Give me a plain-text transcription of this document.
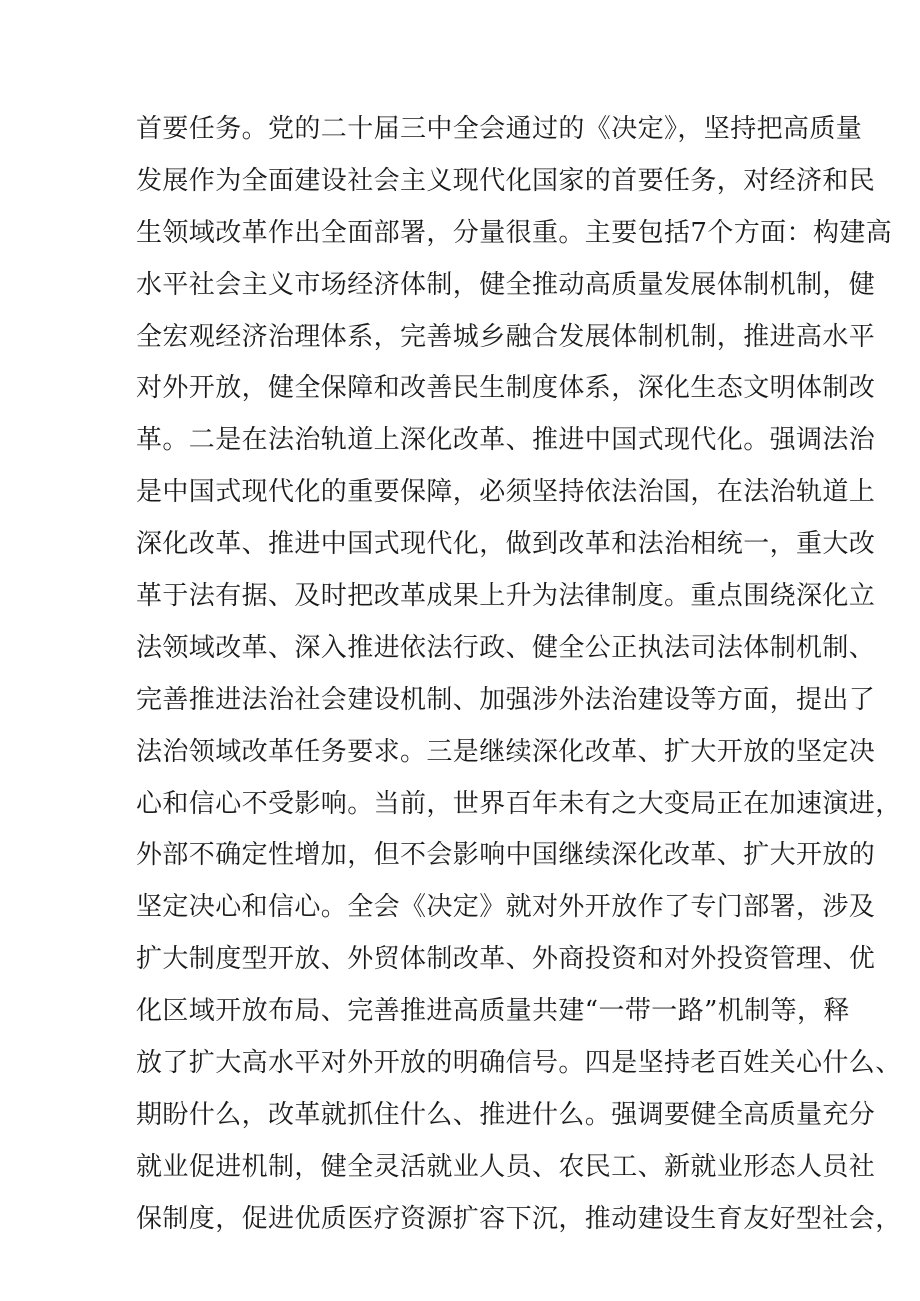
首要任务。党的二十届三中全会通过的《决定》，坚持把高质量
发展作为全面建设社会主义现代化国家的首要任务，对经济和民
生领域改革作出全面部署，分量很重。主要包括7个方面：构建高
水平社会主义市场经济体制，健全推动高质量发展体制机制，健
全宏观经济治理体系，完善城乡融合发展体制机制，推进高水平
对外开放，健全保障和改善民生制度体系，深化生态文明体制改
革。二是在法治轨道上深化改革、推进中国式现代化。强调法治
是中国式现代化的重要保障，必须坚持依法治国，在法治轨道上
深化改革、推进中国式现代化，做到改革和法治相统一，重大改
革于法有据、及时把改革成果上升为法律制度。重点围绕深化立
法领域改革、深入推进依法行政、健全公正执法司法体制机制、
完善推进法治社会建设机制、加强涉外法治建设等方面，提出了
法治领域改革任务要求。三是继续深化改革、扩大开放的坚定决
心和信心不受影响。当前，世界百年未有之大变局正在加速演进，
外部不确定性增加，但不会影响中国继续深化改革、扩大开放的
坚定决心和信心。全会《决定》就对外开放作了专门部署，涉及
扩大制度型开放、外贸体制改革、外商投资和对外投资管理、优
化区域开放布局、完善推进高质量共建“一带一路”机制等，释
放了扩大高水平对外开放的明确信号。四是坚持老百姓关心什么、
期盼什么，改革就抓住什么、推进什么。强调要健全高质量充分
就业促进机制，健全灵活就业人员、农民工、新就业形态人员社
保制度，促进优质医疗资源扩容下沉，推动建设生育友好型社会，
